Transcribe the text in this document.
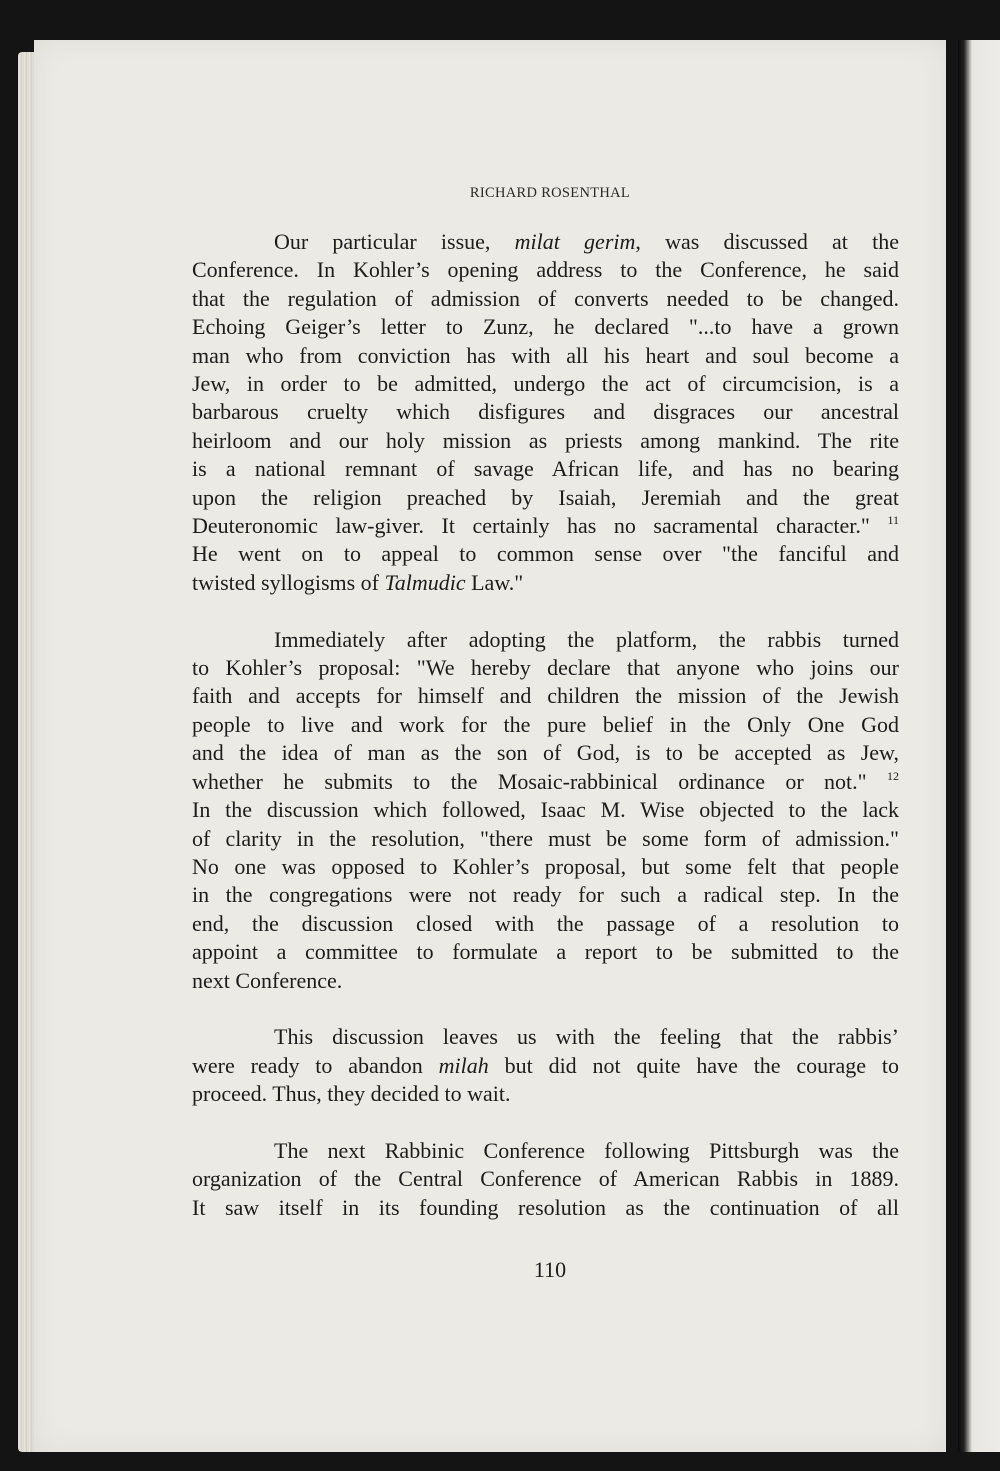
RICHARD ROSENTHAL
Our particular issue, milat gerim, was discussed at the
Conference. In Kohler’s opening address to the Conference, he said
that the regulation of admission of converts needed to be changed.
Echoing Geiger’s letter to Zunz, he declared "...to have a grown
man who from conviction has with all his heart and soul become a
Jew, in order to be admitted, undergo the act of circumcision, is a
barbarous cruelty which disfigures and disgraces our ancestral
heirloom and our holy mission as priests among mankind. The rite
is a national remnant of savage African life, and has no bearing
upon the religion preached by Isaiah, Jeremiah and the great
Deuteronomic law-giver. It certainly has no sacramental character." $^{11}$
He went on to appeal to common sense over "the fanciful and
twisted syllogisms of Talmudic Law."
Immediately after adopting the platform, the rabbis turned
to Kohler’s proposal: "We hereby declare that anyone who joins our
faith and accepts for himself and children the mission of the Jewish
people to live and work for the pure belief in the Only One God
and the idea of man as the son of God, is to be accepted as Jew,
whether he submits to the Mosaic-rabbinical ordinance or not." $^{12}$
In the discussion which followed, Isaac M. Wise objected to the lack
of clarity in the resolution, "there must be some form of admission."
No one was opposed to Kohler’s proposal, but some felt that people
in the congregations were not ready for such a radical step. In the
end, the discussion closed with the passage of a resolution to
appoint a committee to formulate a report to be submitted to the
next Conference.
This discussion leaves us with the feeling that the rabbis’
were ready to abandon milah but did not quite have the courage to
proceed. Thus, they decided to wait.
The next Rabbinic Conference following Pittsburgh was the
organization of the Central Conference of American Rabbis in 1889.
It saw itself in its founding resolution as the continuation of all
110
